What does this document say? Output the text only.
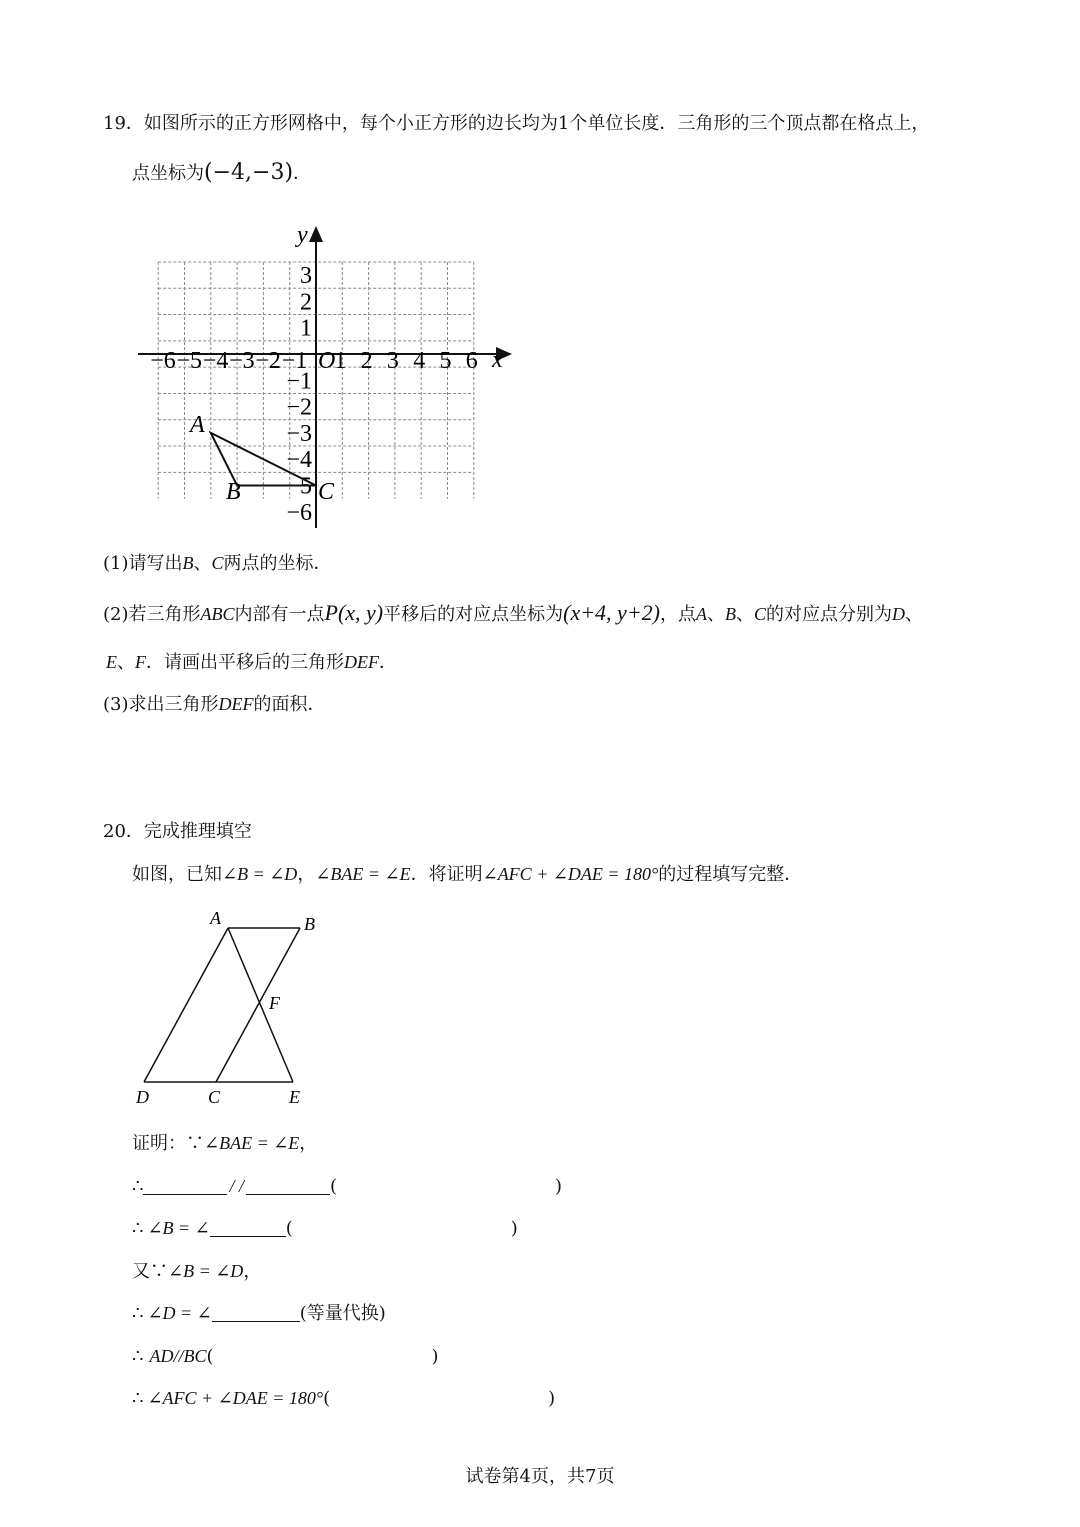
19．如图所示的正方形网格中，每个小正方形的边长均为1个单位长度．三角形的三个顶点都在格点上，
点坐标为(−4,−3)．
−6 −5 −4 −3 −2 −1 1 2 3 4 5 6
3
2
1
−1
−2
−3
−4
−5
−6
x
y
O
A
B	C
(1)请写出B、C两点的坐标．
(2)若三角形ABC内部有一点P(x, y)平移后的对应点坐标为(x+4, y+2)，点A、B、C的对应点分别为D、
E、F．请画出平移后的三角形DEF．
(3)求出三角形DEF的面积．
20．完成推理填空
如图，已知∠B = ∠D，∠BAE = ∠E．将证明∠AFC + ∠DAE = 180°的过程填写完整．
A	B
F
D	C	E
证明：∵∠BAE = ∠E，
∴	/ /	(	)
∴ ∠B = ∠	(	)
又∵∠B = ∠D，
∴ ∠D = ∠	(等量代换)
∴ AD//BC(	)
∴ ∠AFC + ∠DAE = 180°(	)
试卷第4页，共7页
